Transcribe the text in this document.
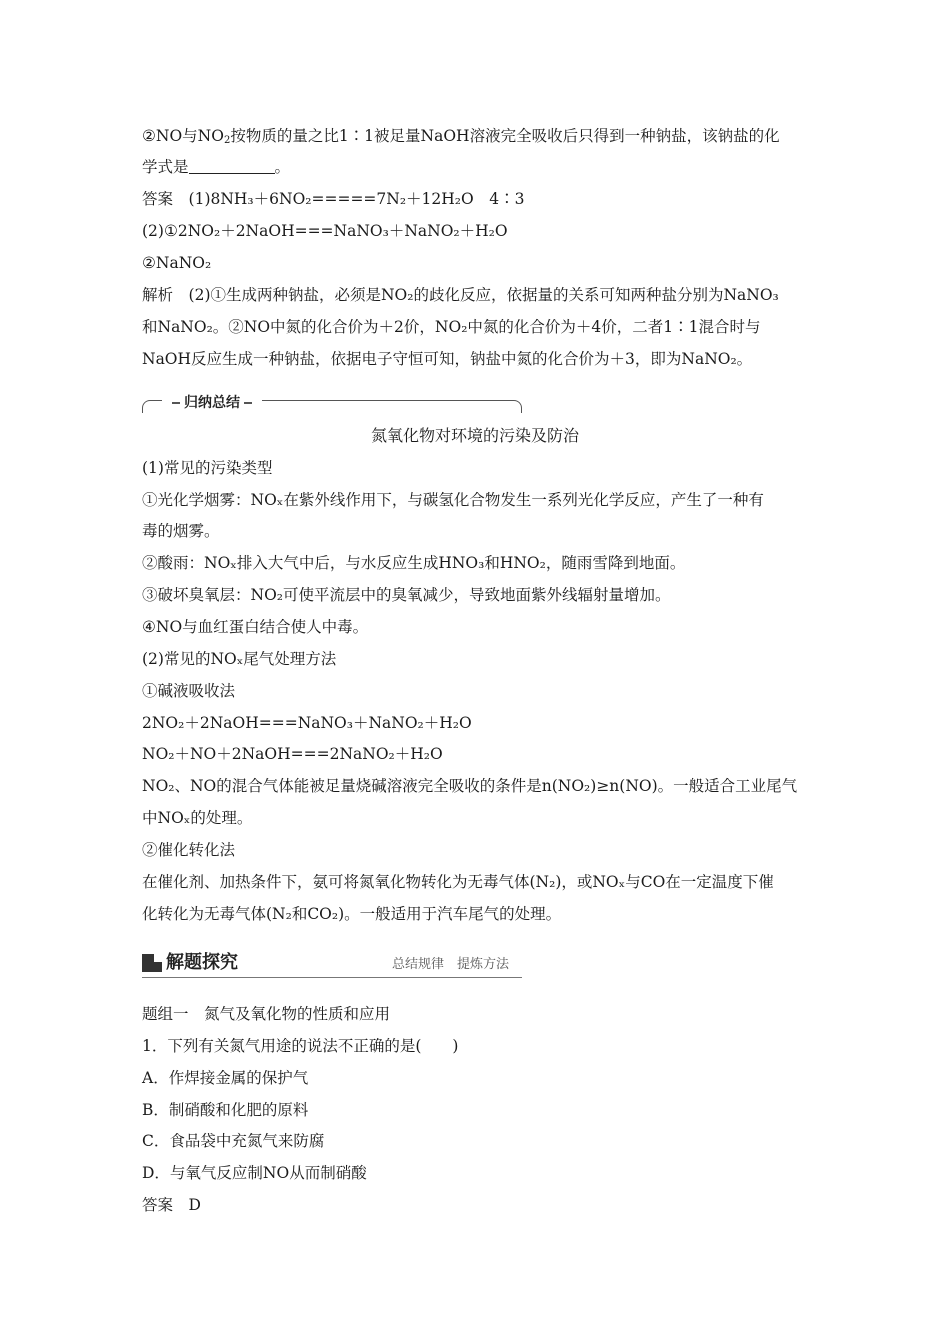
②NO与$NO_2$按物质的量之比1∶1被足量NaOH溶液完全吸收后只得到一种钠盐，该钠盐的化
学式是	。
答案　 (1)8NH₃＋6NO₂=====7N₂＋12H₂O　4∶3
(2)①2NO₂＋2NaOH===NaNO₃＋NaNO₂＋H₂O
②NaNO₂
解析　 (2)①生成两种钠盐，必须是NO₂的歧化反应，依据量的关系可知两种盐分别为NaNO₃
和NaNO₂。②NO中氮的化合价为＋2价，NO₂中氮的化合价为＋4价，二者1∶1混合时与
NaOH反应生成一种钠盐，依据电子守恒可知，钠盐中氮的化合价为＋3，即为NaNO₂。
归纳总结
氮氧化物对环境的污染及防治
(1)常见的污染类型
①光化学烟雾：NOₓ在紫外线作用下，与碳氢化合物发生一系列光化学反应，产生了一种有
毒的烟雾。
②酸雨：NOₓ排入大气中后，与水反应生成HNO₃和HNO₂，随雨雪降到地面。
③破坏臭氧层：NO₂可使平流层中的臭氧减少，导致地面紫外线辐射量增加。
④NO与血红蛋白结合使人中毒。
(2)常见的NOₓ尾气处理方法
①碱液吸收法
2NO₂＋2NaOH===NaNO₃＋NaNO₂＋H₂O
NO₂＋NO＋2NaOH===2NaNO₂＋H₂O
NO₂、NO的混合气体能被足量烧碱溶液完全吸收的条件是n(NO₂)≥n(NO)。一般适合工业尾气
中NOₓ的处理。
②催化转化法
在催化剂、加热条件下，氨可将氮氧化物转化为无毒气体(N₂)，或NOₓ与CO在一定温度下催
化转化为无毒气体(N₂和CO₂)。一般适用于汽车尾气的处理。
解题探究	总结规律　提炼方法
题组一　氮气及氧化物的性质和应用
1．下列有关氮气用途的说法不正确的是(　　)
A．作焊接金属的保护气
B．制硝酸和化肥的原料
C．食品袋中充氮气来防腐
D．与氧气反应制NO从而制硝酸
答案　D
